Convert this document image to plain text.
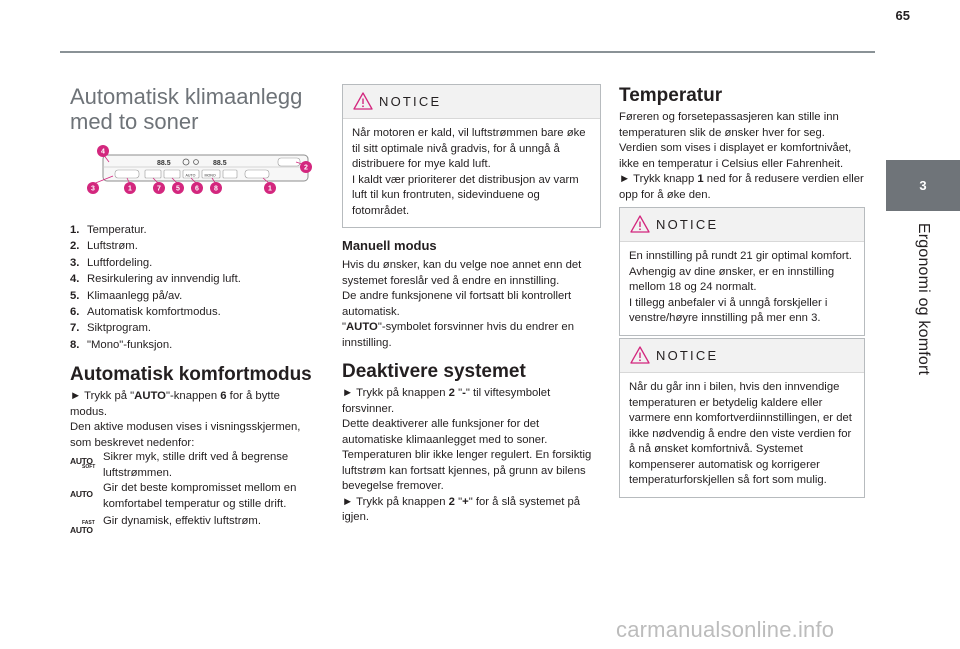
65
3
Ergonomi og komfort
Automatisk klimaanlegg med to soner
88.5	88.5
AUTO	MONO
4
2
3	1	7 5 6 8	1
1. Temperatur.
2. Luftstrøm.
3. Luftfordeling.
4. Resirkulering av innvendig luft.
5. Klimaanlegg på/av.
6. Automatisk komfortmodus.
7. Siktprogram.
8. "Mono"-funksjon.
Automatisk komfortmodus
► Trykk på "AUTO"-knappen 6 for å bytte modus.
Den aktive modusen vises i visningsskjermen, som beskrevet nedenfor:
AUTO
SOFT
Sikrer myk, stille drift ved å begrense luftstrømmen.
AUTO Gir det beste kompromisset mellom en komfortabel temperatur og stille drift.
FAST
AUTO
Gir dynamisk, effektiv luftstrøm.
NOTICE
Når motoren er kald, vil luftstrømmen bare øke til sitt optimale nivå gradvis, for å unngå å distribuere for mye kald luft.
I kaldt vær prioriterer det distribusjon av varm luft til kun frontruten, sidevinduene og fotområdet.
Manuell modus
Hvis du ønsker, kan du velge noe annet enn det systemet foreslår ved å endre en innstilling.
De andre funksjonene vil fortsatt bli kontrollert automatisk.
"AUTO"-symbolet forsvinner hvis du endrer en innstilling.
Deaktivere systemet
► Trykk på knappen 2 "-" til viftesymbolet forsvinner.
Dette deaktiverer alle funksjoner for det automatiske klimaanlegget med to soner.
Temperaturen blir ikke lenger regulert. En forsiktig luftstrøm kan fortsatt kjennes, på grunn av bilens bevegelse fremover.
► Trykk på knappen 2 "+" for å slå systemet på igjen.
Temperatur
Føreren og forsetepassasjeren kan stille inn temperaturen slik de ønsker hver for seg.
Verdien som vises i displayet er komfortnivået, ikke en temperatur i Celsius eller Fahrenheit.
► Trykk knapp 1 ned for å redusere verdien eller opp for å øke den.
NOTICE
En innstilling på rundt 21 gir optimal komfort. Avhengig av dine ønsker, er en innstilling mellom 18 og 24 normalt.
I tillegg anbefaler vi å unngå forskjeller i venstre/høyre innstilling på mer enn 3.
NOTICE
Når du går inn i bilen, hvis den innvendige temperaturen er betydelig kaldere eller varmere enn komfortverdiinnstillingen, er det ikke nødvendig å endre den viste verdien for å nå ønsket komfortnivå. Systemet kompenserer automatisk og korrigerer temperaturforskjellen så fort som mulig.
carmanualsonline.info
